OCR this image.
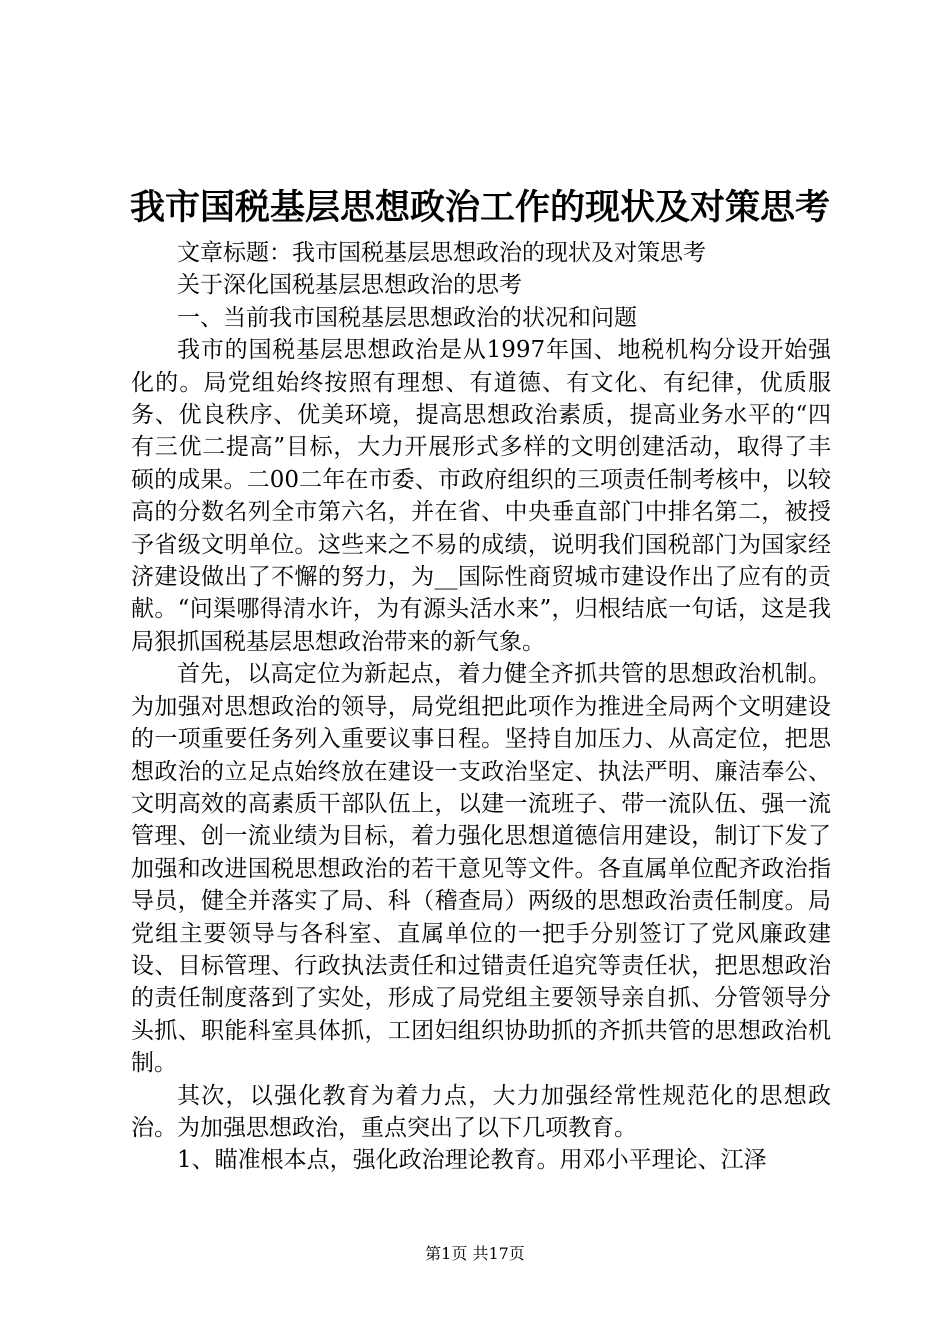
我市国税基层思想政治工作的现状及对策思考

文章标题：我市国税基层思想政治的现状及对策思考

关于深化国税基层思想政治的思考

一、当前我市国税基层思想政治的状况和问题

我市的国税基层思想政治是从1997年国、地税机构分设开始强化的。局党组始终按照有理想、有道德、有文化、有纪律，优质服务、优良秩序、优美环境，提高思想政治素质，提高业务水平的“四有三优二提高”目标，大力开展形式多样的文明创建活动，取得了丰硕的成果。二00二年在市委、市政府组织的三项责任制考核中，以较高的分数名列全市第六名，并在省、中央垂直部门中排名第二，被授予省级文明单位。这些来之不易的成绩，说明我们国税部门为国家经济建设做出了不懈的努力，为__国际性商贸城市建设作出了应有的贡献。“问渠哪得清水许，为有源头活水来”，归根结底一句话，这是我局狠抓国税基层思想政治带来的新气象。

首先，以高定位为新起点，着力健全齐抓共管的思想政治机制。为加强对思想政治的领导，局党组把此项作为推进全局两个文明建设的一项重要任务列入重要议事日程。坚持自加压力、从高定位，把思想政治的立足点始终放在建设一支政治坚定、执法严明、廉洁奉公、文明高效的高素质干部队伍上，以建一流班子、带一流队伍、强一流管理、创一流业绩为目标，着力强化思想道德信用建设，制订下发了加强和改进国税思想政治的若干意见等文件。各直属单位配齐政治指导员，健全并落实了局、科（稽查局）两级的思想政治责任制度。局党组主要领导与各科室、直属单位的一把手分别签订了党风廉政建设、目标管理、行政执法责任和过错责任追究等责任状，把思想政治的责任制度落到了实处，形成了局党组主要领导亲自抓、分管领导分头抓、职能科室具体抓，工团妇组织协助抓的齐抓共管的思想政治机制。

其次，以强化教育为着力点，大力加强经常性规范化的思想政治。为加强思想政治，重点突出了以下几项教育。

1、瞄准根本点，强化政治理论教育。用邓小平理论、江泽

第1页 共17页
